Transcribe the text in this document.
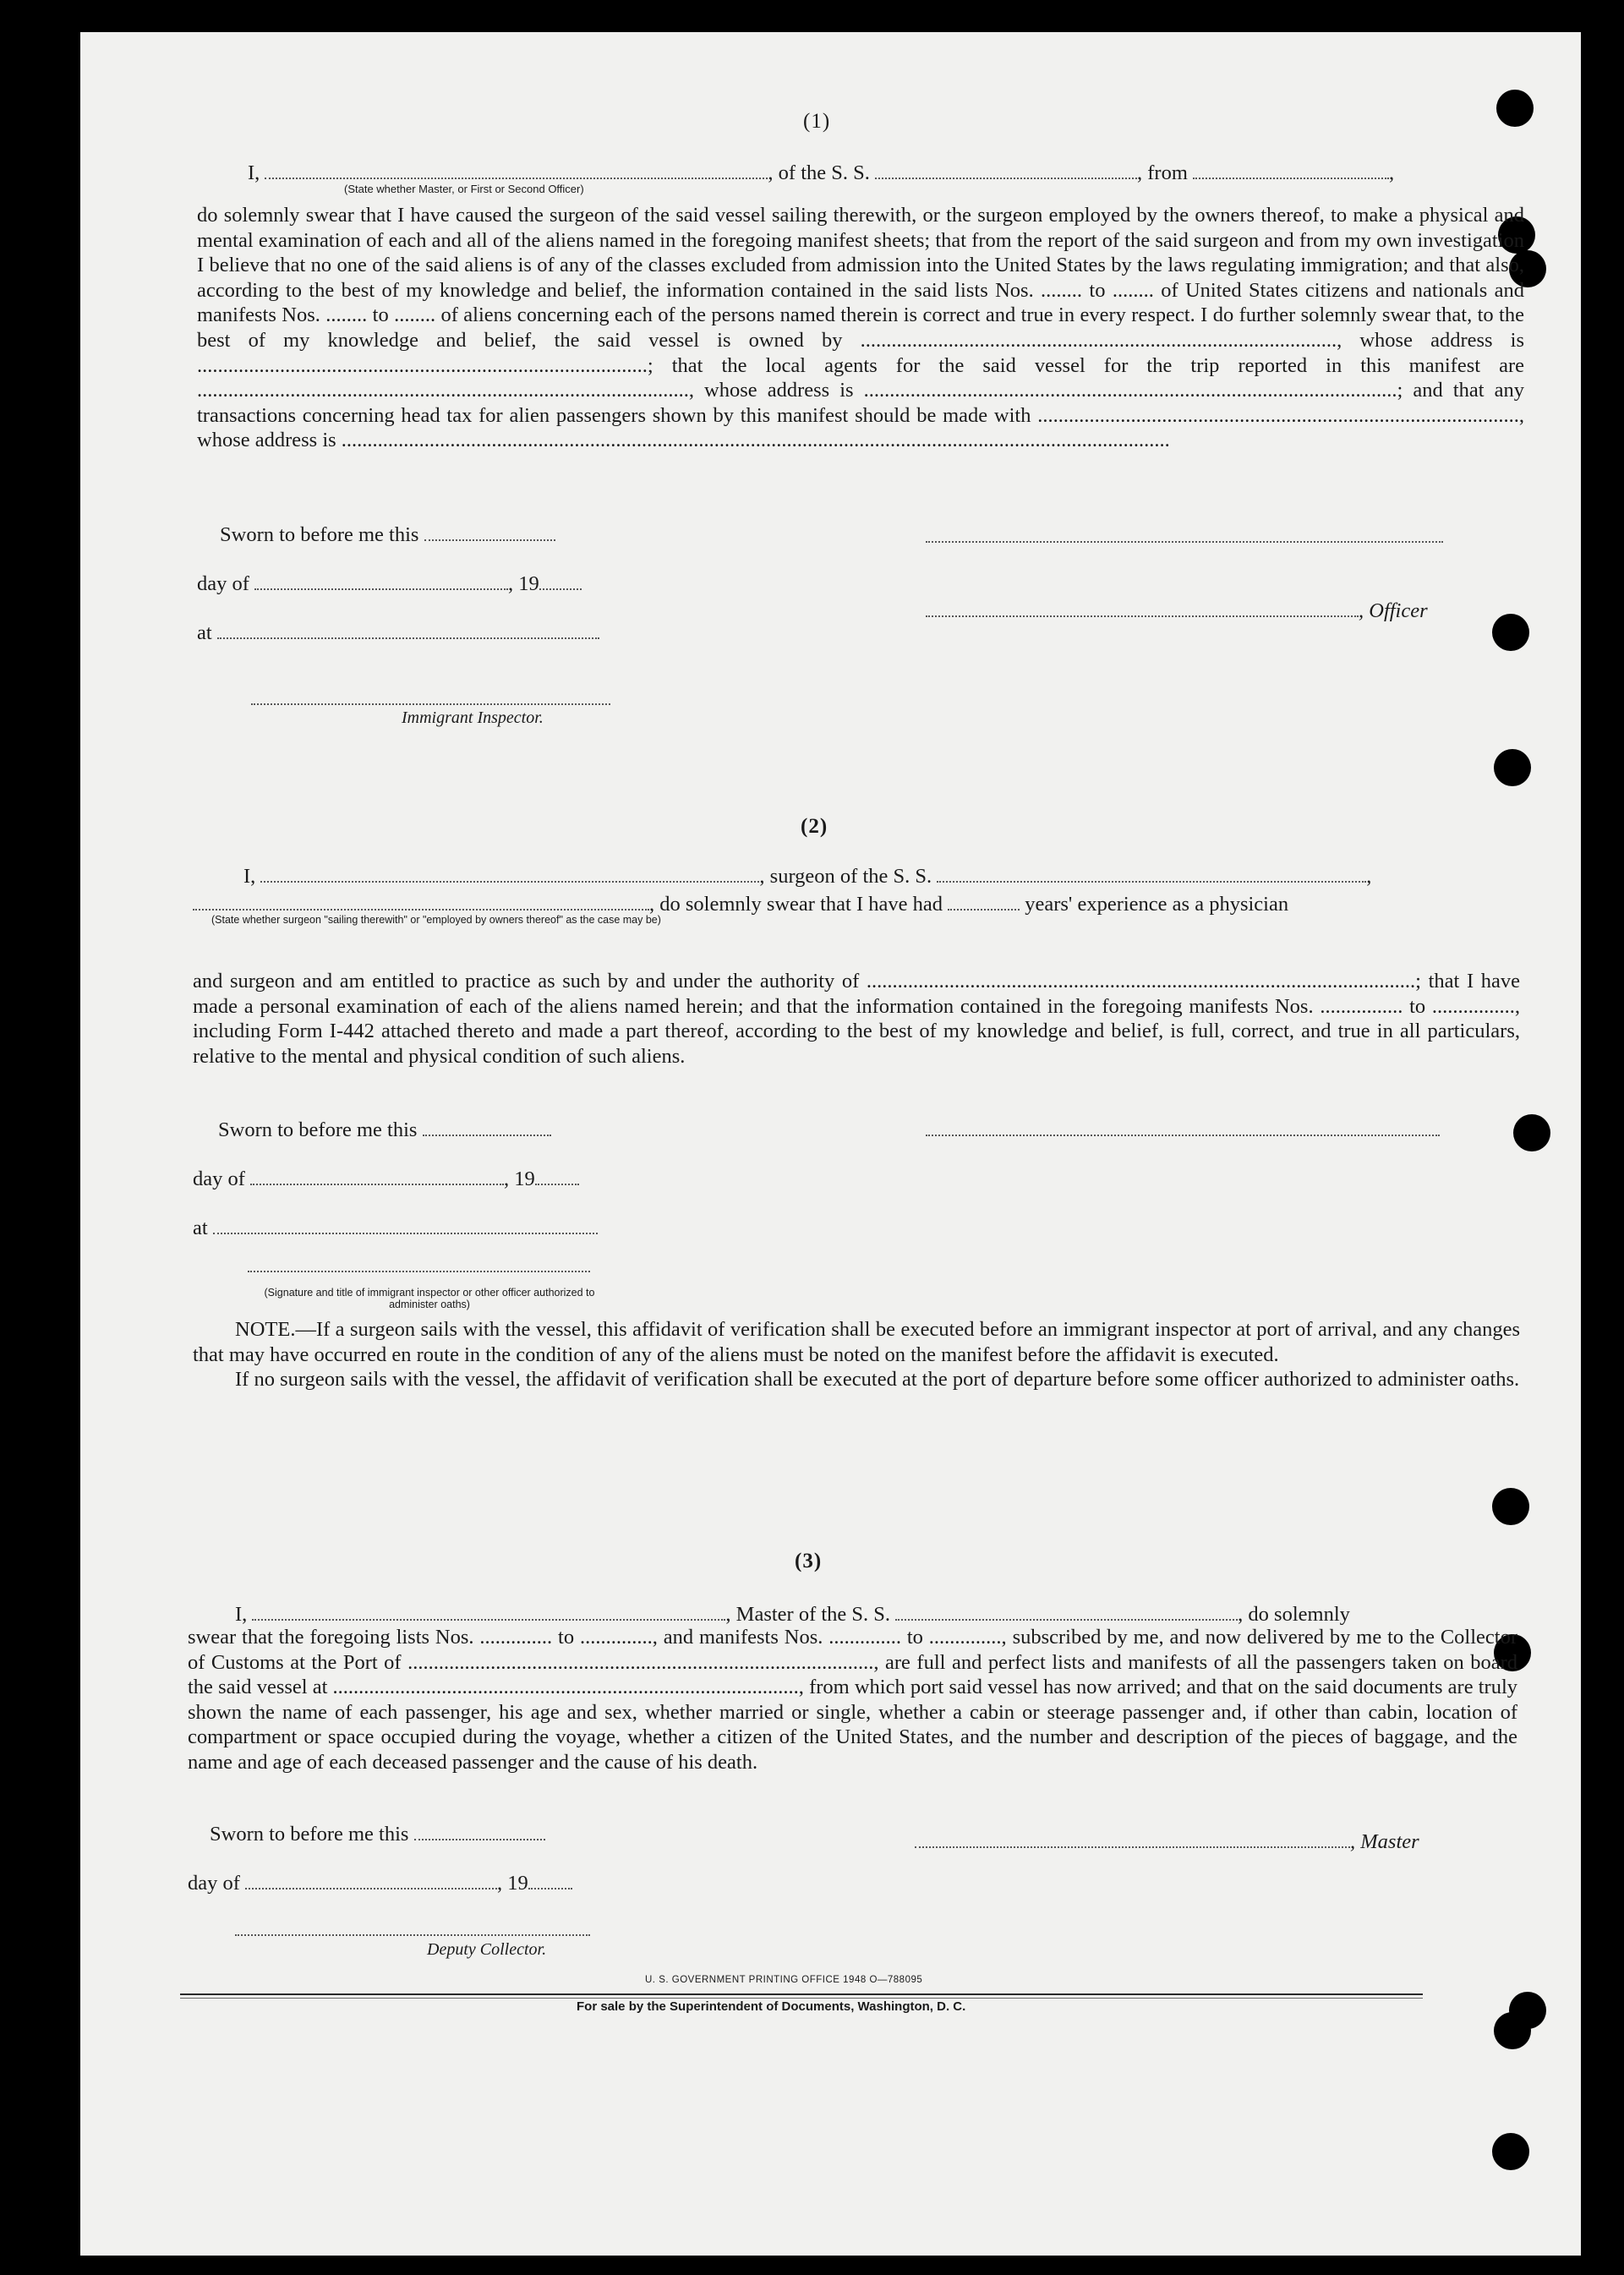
(1)
I,	, of the S. S.	, from	,
(State whether Master, or First or Second Officer)

do solemnly swear that I have caused the surgeon of the said vessel sailing therewith, or the surgeon employed by the owners thereof, to make a physical and mental examination of each and all of the aliens named in the foregoing manifest sheets; that from the report of the said surgeon and from my own investigation I believe that no one of the said aliens is of any of the classes excluded from admission into the United States by the laws regulating immigration; and that also, according to the best of my knowledge and belief, the information contained in the said lists Nos. ........ to ........ of United States citizens and nationals and manifests Nos. ........ to ........ of aliens concerning each of the persons named therein is correct and true in every respect. I do further solemnly swear that, to the best of my knowledge and belief, the said vessel is owned by ............................................................................................, whose address is .......................................................................................; that the local agents for the said vessel for the trip reported in this manifest are ..............................................................................................., whose address is .......................................................................................................; and that any transactions concerning head tax for alien passengers shown by this manifest should be made with ............................................................................................., whose address is ................................................................................................................................................................

Sworn to before me this
day of	, 19
at
Immigrant Inspector.
, Officer
(2)
I,	, surgeon of the S. S.	,
, do solemnly swear that I have had	years' experience as a physician
(State whether surgeon "sailing therewith" or "employed by owners thereof" as the case may be)

and surgeon and am entitled to practice as such by and under the authority of ..........................................................................................................; that I have made a personal examination of each of the aliens named herein; and that the information contained in the foregoing manifests Nos. ................ to ................, including Form I-442 attached thereto and made a part thereof, according to the best of my knowledge and belief, is full, correct, and true in all particulars, relative to the mental and physical condition of such aliens.

Sworn to before me this
day of	, 19
at
(Signature and title of immigrant inspector or other officer authorized to administer oaths)

NOTE.—If a surgeon sails with the vessel, this affidavit of verification shall be executed before an immigrant inspector at port of arrival, and any changes that may have occurred en route in the condition of any of the aliens must be noted on the manifest before the affidavit is executed.

If no surgeon sails with the vessel, the affidavit of verification shall be executed at the port of departure before some officer authorized to administer oaths.

(3)
I,	, Master of the S. S.	, do solemnly

swear that the foregoing lists Nos. .............. to .............., and manifests Nos. .............. to .............., subscribed by me, and now delivered by me to the Collector of Customs at the Port of .........................................................................................., are full and perfect lists and manifests of all the passengers taken on board the said vessel at .........................................................................................., from which port said vessel has now arrived; and that on the said documents are truly shown the name of each passenger, his age and sex, whether married or single, whether a cabin or steerage passenger and, if other than cabin, location of compartment or space occupied during the voyage, whether a citizen of the United States, and the number and description of the pieces of baggage, and the name and age of each deceased passenger and the cause of his death.

Sworn to before me this
day of	, 19
Deputy Collector.
, Master
U. S. GOVERNMENT PRINTING OFFICE 1948 O—788095
For sale by the Superintendent of Documents, Washington, D. C.
